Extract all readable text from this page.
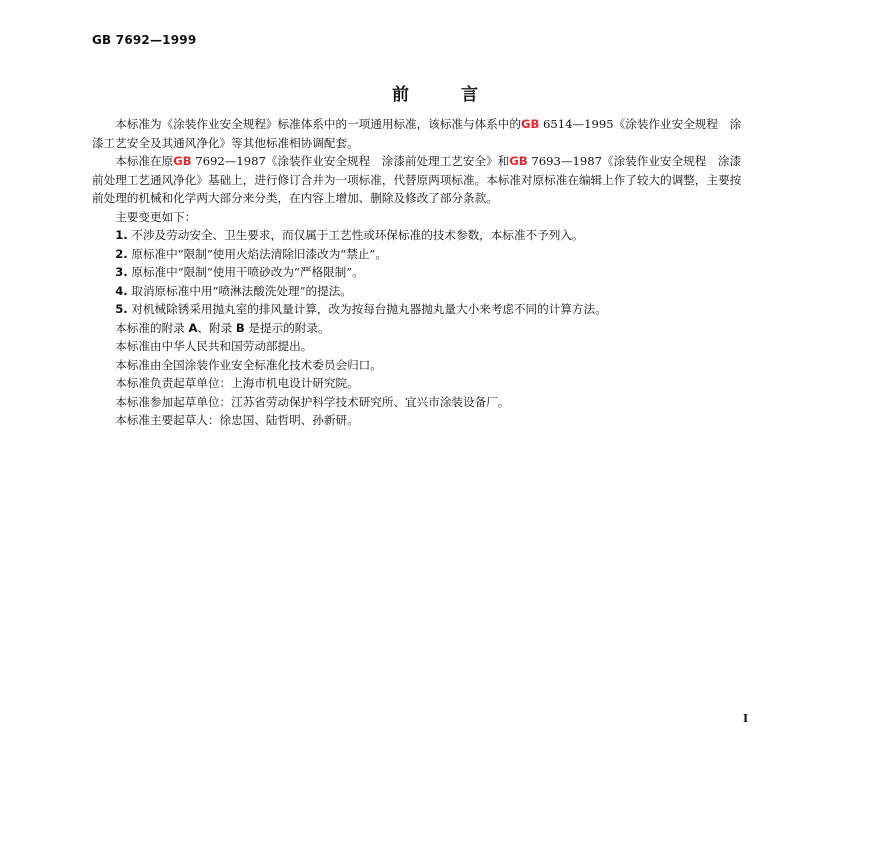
GB 7692—1999
前言

本标准为《涂装作业安全规程》标准体系中的一项通用标准，该标准与体系中的GB 6514—1995《涂装作业安全规程　涂漆工艺安全及其通风净化》等其他标准相协调配套。

本标准在原GB 7692—1987《涂装作业安全规程　涂漆前处理工艺安全》和GB 7693—1987《涂装作业安全规程　涂漆前处理工艺通风净化》基础上，进行修订合并为一项标准，代替原两项标准。本标准对原标准在编辑上作了较大的调整，主要按前处理的机械和化学两大部分来分类，在内容上增加、删除及修改了部分条款。

主要变更如下：

1. 不涉及劳动安全、卫生要求，而仅属于工艺性或环保标准的技术参数，本标准不予列入。

2. 原标准中“限制”使用火焰法清除旧漆改为“禁止”。

3. 原标准中“限制”使用干喷砂改为“严格限制”。

4. 取消原标准中用“喷淋法酸洗处理”的提法。

5. 对机械除锈采用抛丸室的排风量计算，改为按每台抛丸器抛丸量大小来考虑不同的计算方法。

本标准的附录 A、附录 B 是提示的附录。

本标准由中华人民共和国劳动部提出。

本标准由全国涂装作业安全标准化技术委员会归口。

本标准负责起草单位：上海市机电设计研究院。

本标准参加起草单位：江苏省劳动保护科学技术研究所、宜兴市涂装设备厂。

本标准主要起草人：徐忠国、陆哲明、孙新研。

I
